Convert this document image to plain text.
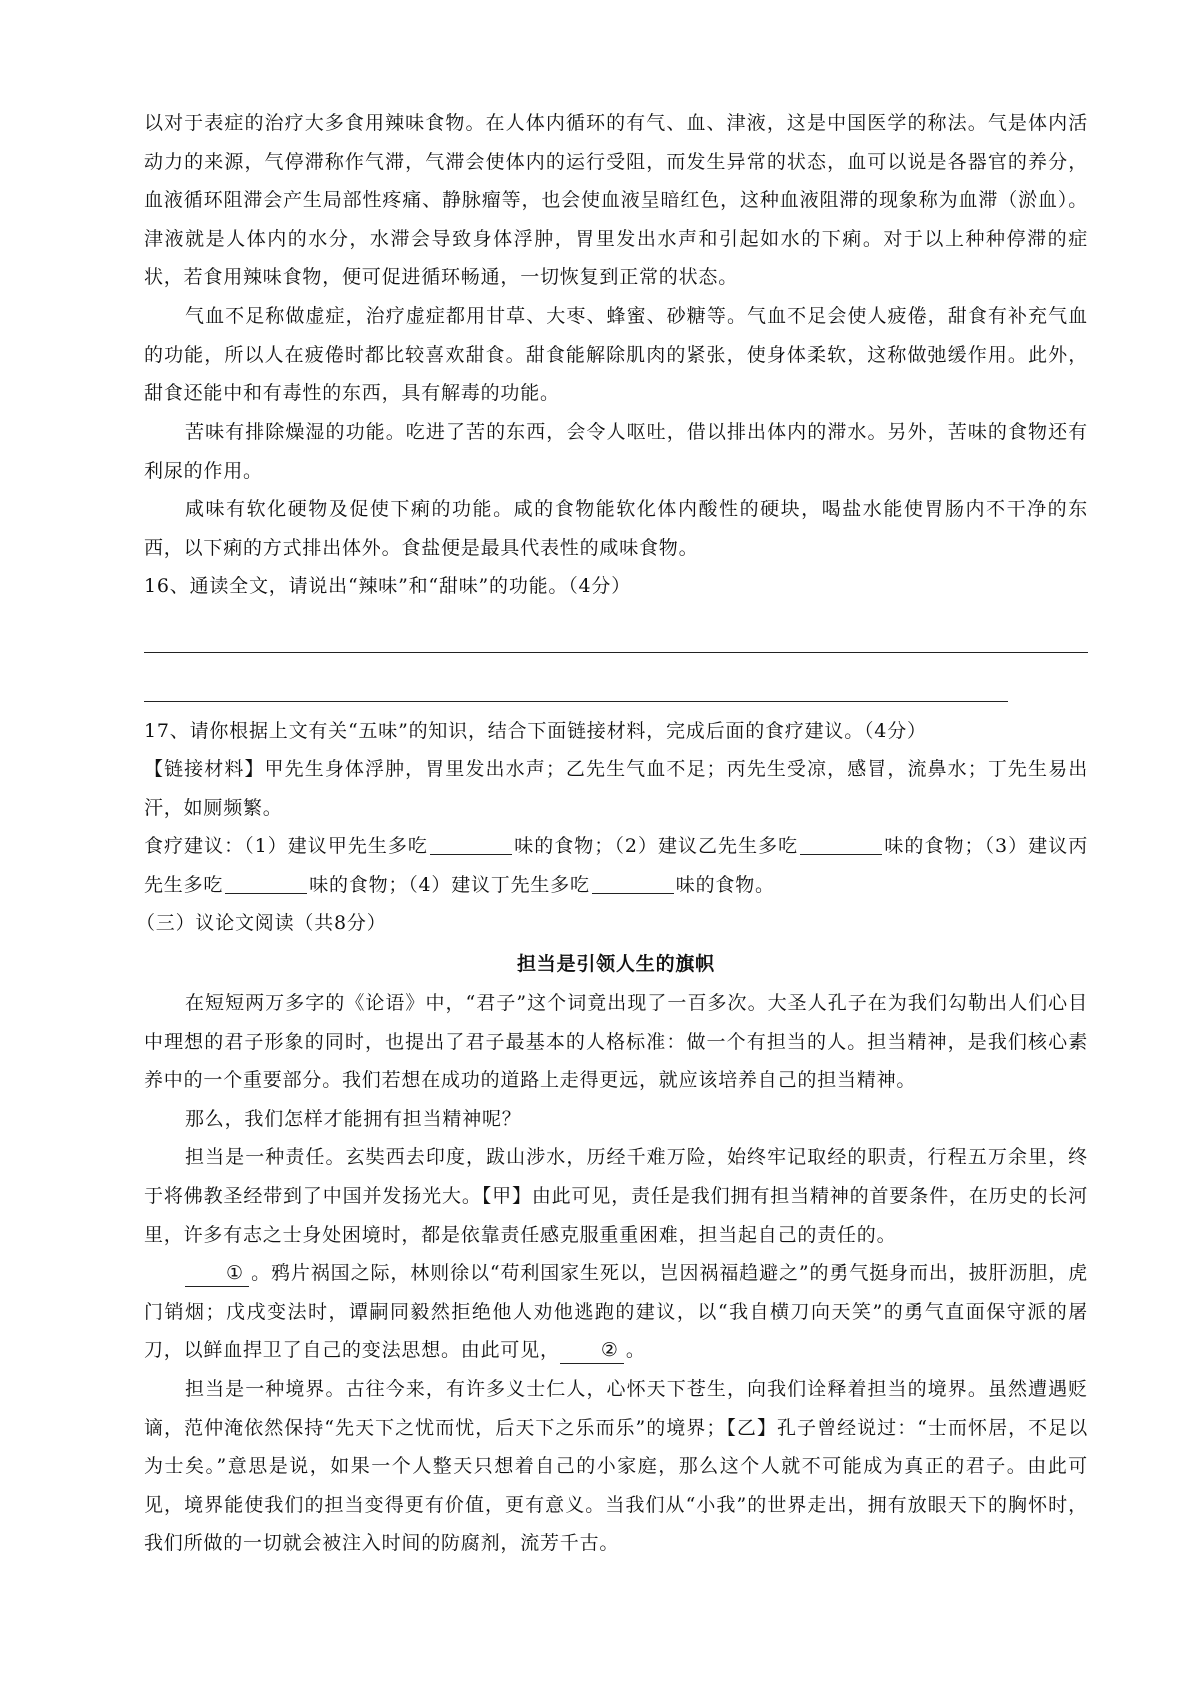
以对于表症的治疗大多食用辣味食物。在人体内循环的有气、血、津液，这是中国医学的称法。气是体内活动力的来源，气停滞称作气滞，气滞会使体内的运行受阻，而发生异常的状态，血可以说是各器官的养分，血液循环阻滞会产生局部性疼痛、静脉瘤等，也会使血液呈暗红色，这种血液阻滞的现象称为血滞（淤血）。津液就是人体内的水分，水滞会导致身体浮肿，胃里发出水声和引起如水的下痢。对于以上种种停滞的症状，若食用辣味食物，便可促进循环畅通，一切恢复到正常的状态。

气血不足称做虚症，治疗虚症都用甘草、大枣、蜂蜜、砂糖等。气血不足会使人疲倦，甜食有补充气血的功能，所以人在疲倦时都比较喜欢甜食。甜食能解除肌肉的紧张，使身体柔软，这称做弛缓作用。此外，甜食还能中和有毒性的东西，具有解毒的功能。

苦味有排除燥湿的功能。吃进了苦的东西，会令人呕吐，借以排出体内的滞水。另外，苦味的食物还有利尿的作用。

咸味有软化硬物及促使下痢的功能。咸的食物能软化体内酸性的硬块，喝盐水能使胃肠内不干净的东西，以下痢的方式排出体外。食盐便是最具代表性的咸味食物。

16、通读全文，请说出“辣味”和“甜味”的功能。（4分）

17、请你根据上文有关“五味”的知识，结合下面链接材料，完成后面的食疗建议。（4分）

【链接材料】甲先生身体浮肿，胃里发出水声；乙先生气血不足；丙先生受凉，感冒，流鼻水；丁先生易出汗，如厕频繁。

食疗建议：（1）建议甲先生多吃	味的食物；（2）建议乙先生多吃	味的食物；（3）建议丙先生多吃	味的食物；（4）建议丁先生多吃	味的食物。

（三）议论文阅读（共8分）

担当是引领人生的旗帜

在短短两万多字的《论语》中，“君子”这个词竟出现了一百多次。大圣人孔子在为我们勾勒出人们心目中理想的君子形象的同时，也提出了君子最基本的人格标准：做一个有担当的人。担当精神，是我们核心素养中的一个重要部分。我们若想在成功的道路上走得更远，就应该培养自己的担当精神。

那么，我们怎样才能拥有担当精神呢？

担当是一种责任。玄奘西去印度，跋山涉水，历经千难万险，始终牢记取经的职责，行程五万余里，终于将佛教圣经带到了中国并发扬光大。【甲】由此可见，责任是我们拥有担当精神的首要条件，在历史的长河里，许多有志之士身处困境时，都是依靠责任感克服重重困难，担当起自己的责任的。

① 。鸦片祸国之际，林则徐以“苟利国家生死以，岂因祸福趋避之”的勇气挺身而出，披肝沥胆，虎门销烟；戊戌变法时，谭嗣同毅然拒绝他人劝他逃跑的建议，以“我自横刀向天笑”的勇气直面保守派的屠刀，以鲜血捍卫了自己的变法思想。由此可见， ② 。

担当是一种境界。古往今来，有许多义士仁人，心怀天下苍生，向我们诠释着担当的境界。虽然遭遇贬谪，范仲淹依然保持“先天下之忧而忧，后天下之乐而乐”的境界；【乙】孔子曾经说过：“士而怀居，不足以为士矣。”意思是说，如果一个人整天只想着自己的小家庭，那么这个人就不可能成为真正的君子。由此可见，境界能使我们的担当变得更有价值，更有意义。当我们从“小我”的世界走出，拥有放眼天下的胸怀时，我们所做的一切就会被注入时间的防腐剂，流芳千古。
